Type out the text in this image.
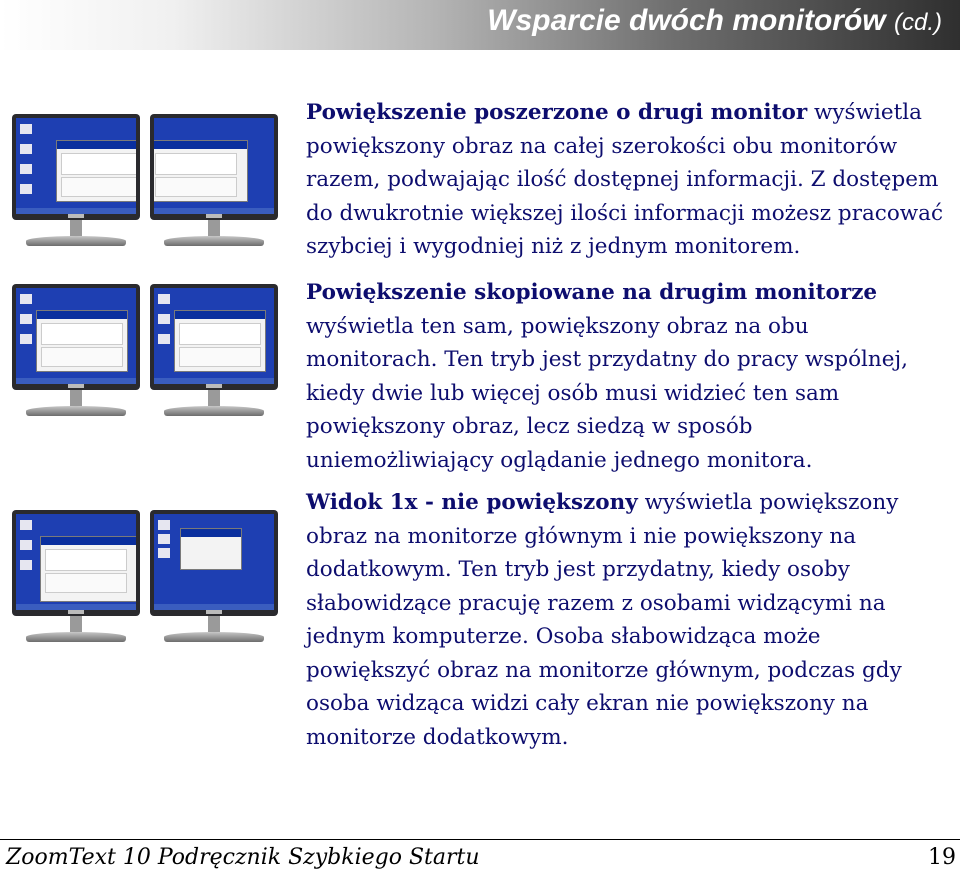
Wsparcie dwóch monitorów (cd.)

Powiększenie poszerzone o drugi monitor wyświetla powiększony obraz na całej szerokości obu monitorów razem, podwajając ilość dostępnej informacji. Z dostępem do dwukrotnie większej ilości informacji możesz pracować szybciej i wygodniej niż z jednym monitorem.

Powiększenie skopiowane na drugim monitorze wyświetla ten sam, powiększony obraz na obu monitorach. Ten tryb jest przydatny do pracy wspólnej, kiedy dwie lub więcej osób musi widzieć ten sam powiększony obraz, lecz siedzą w sposób uniemożliwiający oglądanie jednego monitora.

Widok 1x - nie powiększony wyświetla powiększony obraz na monitorze głównym i nie powiększony na dodatkowym. Ten tryb jest przydatny, kiedy osoby słabowidzące pracuję razem z osobami widzącymi na jednym komputerze. Osoba słabowidząca może powiększyć obraz na monitorze głównym, podczas gdy osoba widząca widzi cały ekran nie powiększony na monitorze dodatkowym.

ZoomText 10 Podręcznik Szybkiego Startu	19
